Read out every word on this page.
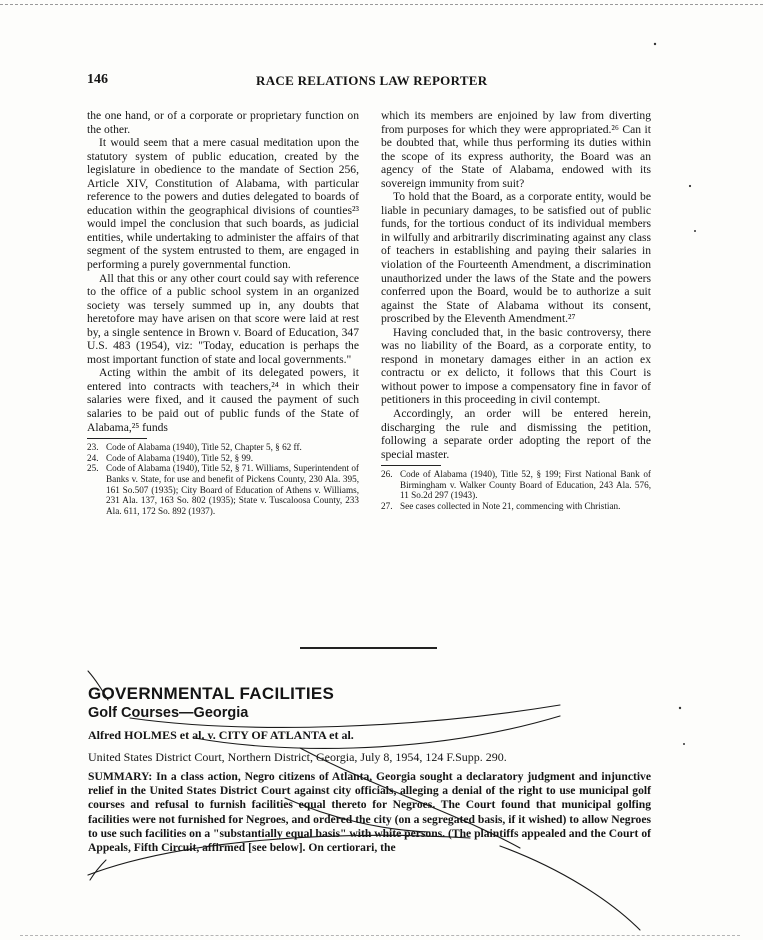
146	RACE RELATIONS LAW REPORTER

the one hand, or of a corporate or proprietary function on the other.

It would seem that a mere casual meditation upon the statutory system of public education, created by the legislature in obedience to the mandate of Section 256, Article XIV, Constitution of Alabama, with particular reference to the powers and duties delegated to boards of education within the geographical divisions of counties²³ would impel the conclusion that such boards, as judicial entities, while undertaking to administer the affairs of that segment of the system entrusted to them, are engaged in performing a purely governmental function.

All that this or any other court could say with reference to the office of a public school system in an organized society was tersely summed up in, any doubts that heretofore may have arisen on that score were laid at rest by, a single sentence in Brown v. Board of Education, 347 U.S. 483 (1954), viz: "Today, education is perhaps the most important function of state and local governments."

Acting within the ambit of its delegated powers, it entered into contracts with teachers,²⁴ in which their salaries were fixed, and it caused the payment of such salaries to be paid out of public funds of the State of Alabama,²⁵ funds

23. Code of Alabama (1940), Title 52, Chapter 5, § 62 ff.
24. Code of Alabama (1940), Title 52, § 99.
25. Code of Alabama (1940), Title 52, § 71. Williams, Superintendent of Banks v. State, for use and benefit of Pickens County, 230 Ala. 395, 161 So.507 (1935); City Board of Education of Athens v. Williams, 231 Ala. 137, 163 So. 802 (1935); State v. Tuscaloosa County, 233 Ala. 611, 172 So. 892 (1937).

which its members are enjoined by law from diverting from purposes for which they were appropriated.²⁶ Can it be doubted that, while thus performing its duties within the scope of its express authority, the Board was an agency of the State of Alabama, endowed with its sovereign immunity from suit?

To hold that the Board, as a corporate entity, would be liable in pecuniary damages, to be satisfied out of public funds, for the tortious conduct of its individual members in wilfully and arbitrarily discriminating against any class of teachers in establishing and paying their salaries in violation of the Fourteenth Amendment, a discrimination unauthorized under the laws of the State and the powers conferred upon the Board, would be to authorize a suit against the State of Alabama without its consent, proscribed by the Eleventh Amendment.²⁷

Having concluded that, in the basic controversy, there was no liability of the Board, as a corporate entity, to respond in monetary damages either in an action ex contractu or ex delicto, it follows that this Court is without power to impose a compensatory fine in favor of petitioners in this proceeding in civil contempt.

Accordingly, an order will be entered herein, discharging the rule and dismissing the petition, following a separate order adopting the report of the special master.

26. Code of Alabama (1940), Title 52, § 199; First National Bank of Birmingham v. Walker County Board of Education, 243 Ala. 576, 11 So.2d 297 (1943).
27. See cases collected in Note 21, commencing with Christian.
GOVERNMENTAL FACILITIES
Golf Courses—Georgia
Alfred HOLMES et al. v. CITY OF ATLANTA et al.
United States District Court, Northern District, Georgia, July 8, 1954, 124 F.Supp. 290.
SUMMARY: In a class action, Negro citizens of Atlanta, Georgia sought a declaratory judgment and injunctive relief in the United States District Court against city officials, alleging a denial of the right to use municipal golf courses and refusal to furnish facilities equal thereto for Negroes. The Court found that municipal golfing facilities were not furnished for Negroes, and ordered the city (on a segregated basis, if it wished) to allow Negroes to use such facilities on a "substantially equal basis" with white persons. (The plaintiffs appealed and the Court of Appeals, Fifth Circuit, affirmed [see below]. On certiorari, the
